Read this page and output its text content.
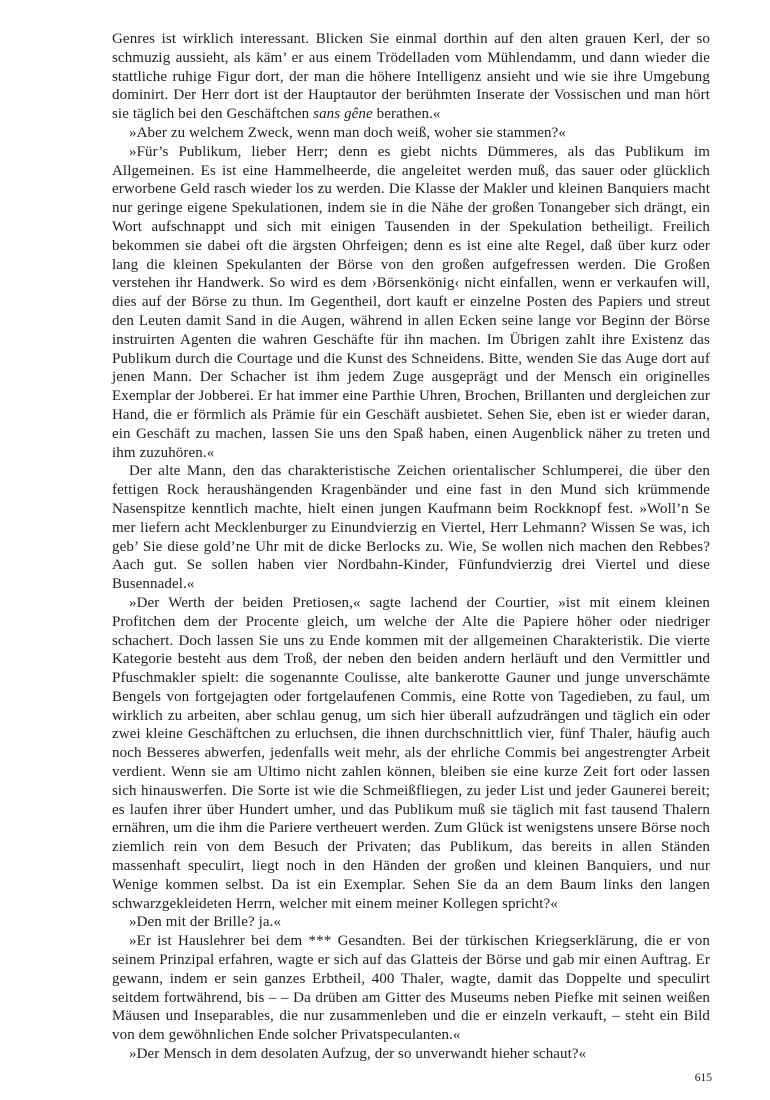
Genres ist wirklich interessant. Blicken Sie einmal dorthin auf den alten grauen Kerl, der so schmuzig aussieht, als käm’ er aus einem Trödelladen vom Mühlendamm, und dann wieder die stattliche ruhige Figur dort, der man die höhere Intelligenz ansieht und wie sie ihre Umgebung dominirt. Der Herr dort ist der Hauptautor der berühmten Inserate der Vossischen und man hört sie täglich bei den Geschäftchen sans gêne berathen.«

»Aber zu welchem Zweck, wenn man doch weiß, woher sie stammen?«

»Für’s Publikum, lieber Herr; denn es giebt nichts Dümmeres, als das Publikum im Allgemeinen. Es ist eine Hammelheerde, die angeleitet werden muß, das sauer oder glücklich erworbene Geld rasch wieder los zu werden. Die Klasse der Makler und kleinen Banquiers macht nur geringe eigene Spekulationen, indem sie in die Nähe der großen Tonangeber sich drängt, ein Wort aufschnappt und sich mit einigen Tausenden in der Spekulation betheiligt. Freilich bekommen sie dabei oft die ärgsten Ohrfeigen; denn es ist eine alte Regel, daß über kurz oder lang die kleinen Spekulanten der Börse von den großen aufgefressen werden. Die Großen verstehen ihr Handwerk. So wird es dem ›Börsenkönig‹ nicht einfallen, wenn er verkaufen will, dies auf der Börse zu thun. Im Gegentheil, dort kauft er einzelne Posten des Papiers und streut den Leuten damit Sand in die Augen, während in allen Ecken seine lange vor Beginn der Börse instruirten Agenten die wahren Geschäfte für ihn machen. Im Übrigen zahlt ihre Existenz das Publikum durch die Courtage und die Kunst des Schneidens. Bitte, wenden Sie das Auge dort auf jenen Mann. Der Schacher ist ihm jedem Zuge ausgeprägt und der Mensch ein originelles Exemplar der Jobberei. Er hat immer eine Parthie Uhren, Brochen, Brillanten und dergleichen zur Hand, die er förmlich als Prämie für ein Geschäft ausbietet. Sehen Sie, eben ist er wieder daran, ein Geschäft zu machen, lassen Sie uns den Spaß haben, einen Augenblick näher zu treten und ihm zuzuhören.«

Der alte Mann, den das charakteristische Zeichen orientalischer Schlumperei, die über den fettigen Rock heraushängenden Kragenbänder und eine fast in den Mund sich krümmende Nasenspitze kenntlich machte, hielt einen jungen Kaufmann beim Rockknopf fest. »Woll’n Se mer liefern acht Mecklenburger zu Einundvierzig en Viertel, Herr Lehmann? Wissen Se was, ich geb’ Sie diese gold’ne Uhr mit de dicke Berlocks zu. Wie, Se wollen nich machen den Rebbes? Aach gut. Se sollen haben vier Nordbahn-Kinder, Fünfundvierzig drei Viertel und diese Busennadel.«

»Der Werth der beiden Pretiosen,« sagte lachend der Courtier, »ist mit einem kleinen Profitchen dem der Procente gleich, um welche der Alte die Papiere höher oder niedriger schachert. Doch lassen Sie uns zu Ende kommen mit der allgemeinen Charakteristik. Die vierte Kategorie besteht aus dem Troß, der neben den beiden andern herläuft und den Vermittler und Pfuschmakler spielt: die sogenannte Coulisse, alte bankerotte Gauner und junge unverschämte Bengels von fortgejagten oder fortgelaufenen Commis, eine Rotte von Tagedieben, zu faul, um wirklich zu arbeiten, aber schlau genug, um sich hier überall aufzudrängen und täglich ein oder zwei kleine Geschäftchen zu erluchsen, die ihnen durchschnittlich vier, fünf Thaler, häufig auch noch Besseres abwerfen, jedenfalls weit mehr, als der ehrliche Commis bei angestrengter Arbeit verdient. Wenn sie am Ultimo nicht zahlen können, bleiben sie eine kurze Zeit fort oder lassen sich hinauswerfen. Die Sorte ist wie die Schmeißfliegen, zu jeder List und jeder Gaunerei bereit; es laufen ihrer über Hundert umher, und das Publikum muß sie täglich mit fast tausend Thalern ernähren, um die ihm die Pariere vertheuert werden. Zum Glück ist wenigstens unsere Börse noch ziemlich rein von dem Besuch der Privaten; das Publikum, das bereits in allen Ständen massenhaft speculirt, liegt noch in den Händen der großen und kleinen Banquiers, und nur Wenige kommen selbst. Da ist ein Exemplar. Sehen Sie da an dem Baum links den langen schwarzgekleideten Herrn, welcher mit einem meiner Kollegen spricht?«

»Den mit der Brille? ja.«

»Er ist Hauslehrer bei dem *** Gesandten. Bei der türkischen Kriegserklärung, die er von seinem Prinzipal erfahren, wagte er sich auf das Glatteis der Börse und gab mir einen Auftrag. Er gewann, indem er sein ganzes Erbtheil, 400 Thaler, wagte, damit das Doppelte und speculirt seitdem fortwährend, bis – – Da drüben am Gitter des Museums neben Piefke mit seinen weißen Mäusen und Inseparables, die nur zusammenleben und die er einzeln verkauft, – steht ein Bild von dem gewöhnlichen Ende solcher Privatspeculanten.«

»Der Mensch in dem desolaten Aufzug, der so unverwandt hieher schaut?«

615
